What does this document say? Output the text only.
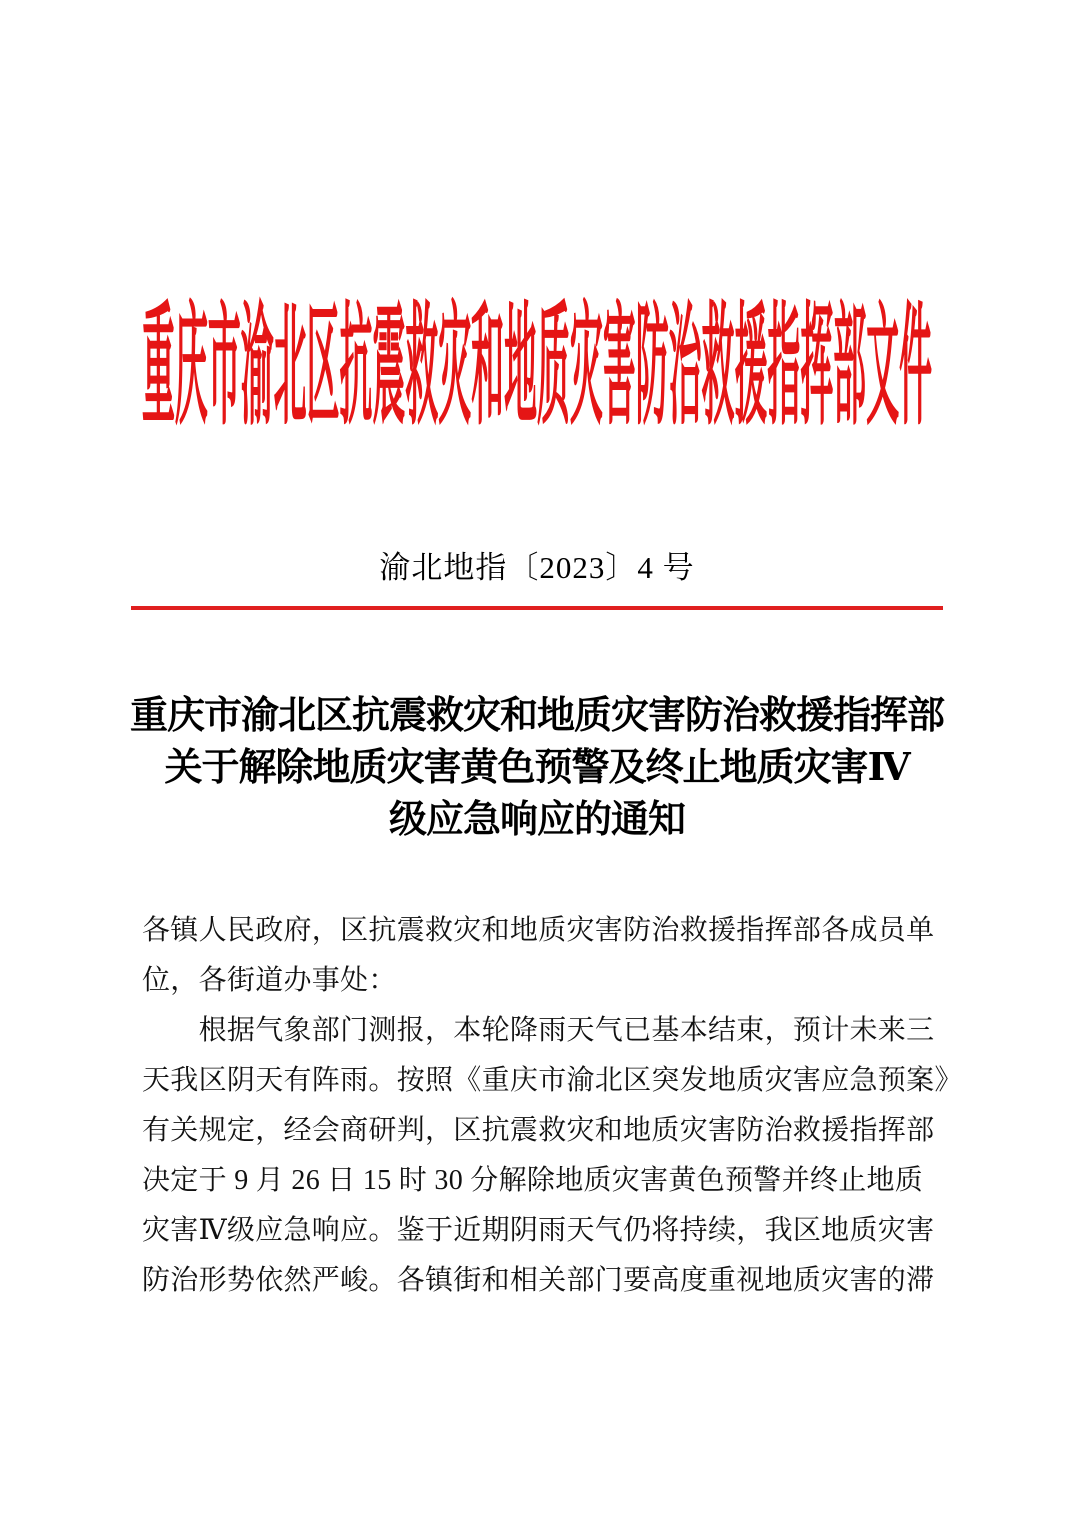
重庆市渝北区抗震救灾和地质灾害防治救援指挥部文件
渝北地指〔2023〕4 号
重庆市渝北区抗震救灾和地质灾害防治救援指挥部
关于解除地质灾害黄色预警及终止地质灾害Ⅳ
级应急响应的通知
各镇人民政府，区抗震救灾和地质灾害防治救援指挥部各成员单
位，各街道办事处：
　　根据气象部门测报，本轮降雨天气已基本结束，预计未来三
天我区阴天有阵雨。按照《重庆市渝北区突发地质灾害应急预案》
有关规定，经会商研判，区抗震救灾和地质灾害防治救援指挥部
决定于 9 月 26 日 15 时 30 分解除地质灾害黄色预警并终止地质
灾害Ⅳ级应急响应。鉴于近期阴雨天气仍将持续，我区地质灾害
防治形势依然严峻。各镇街和相关部门要高度重视地质灾害的滞
